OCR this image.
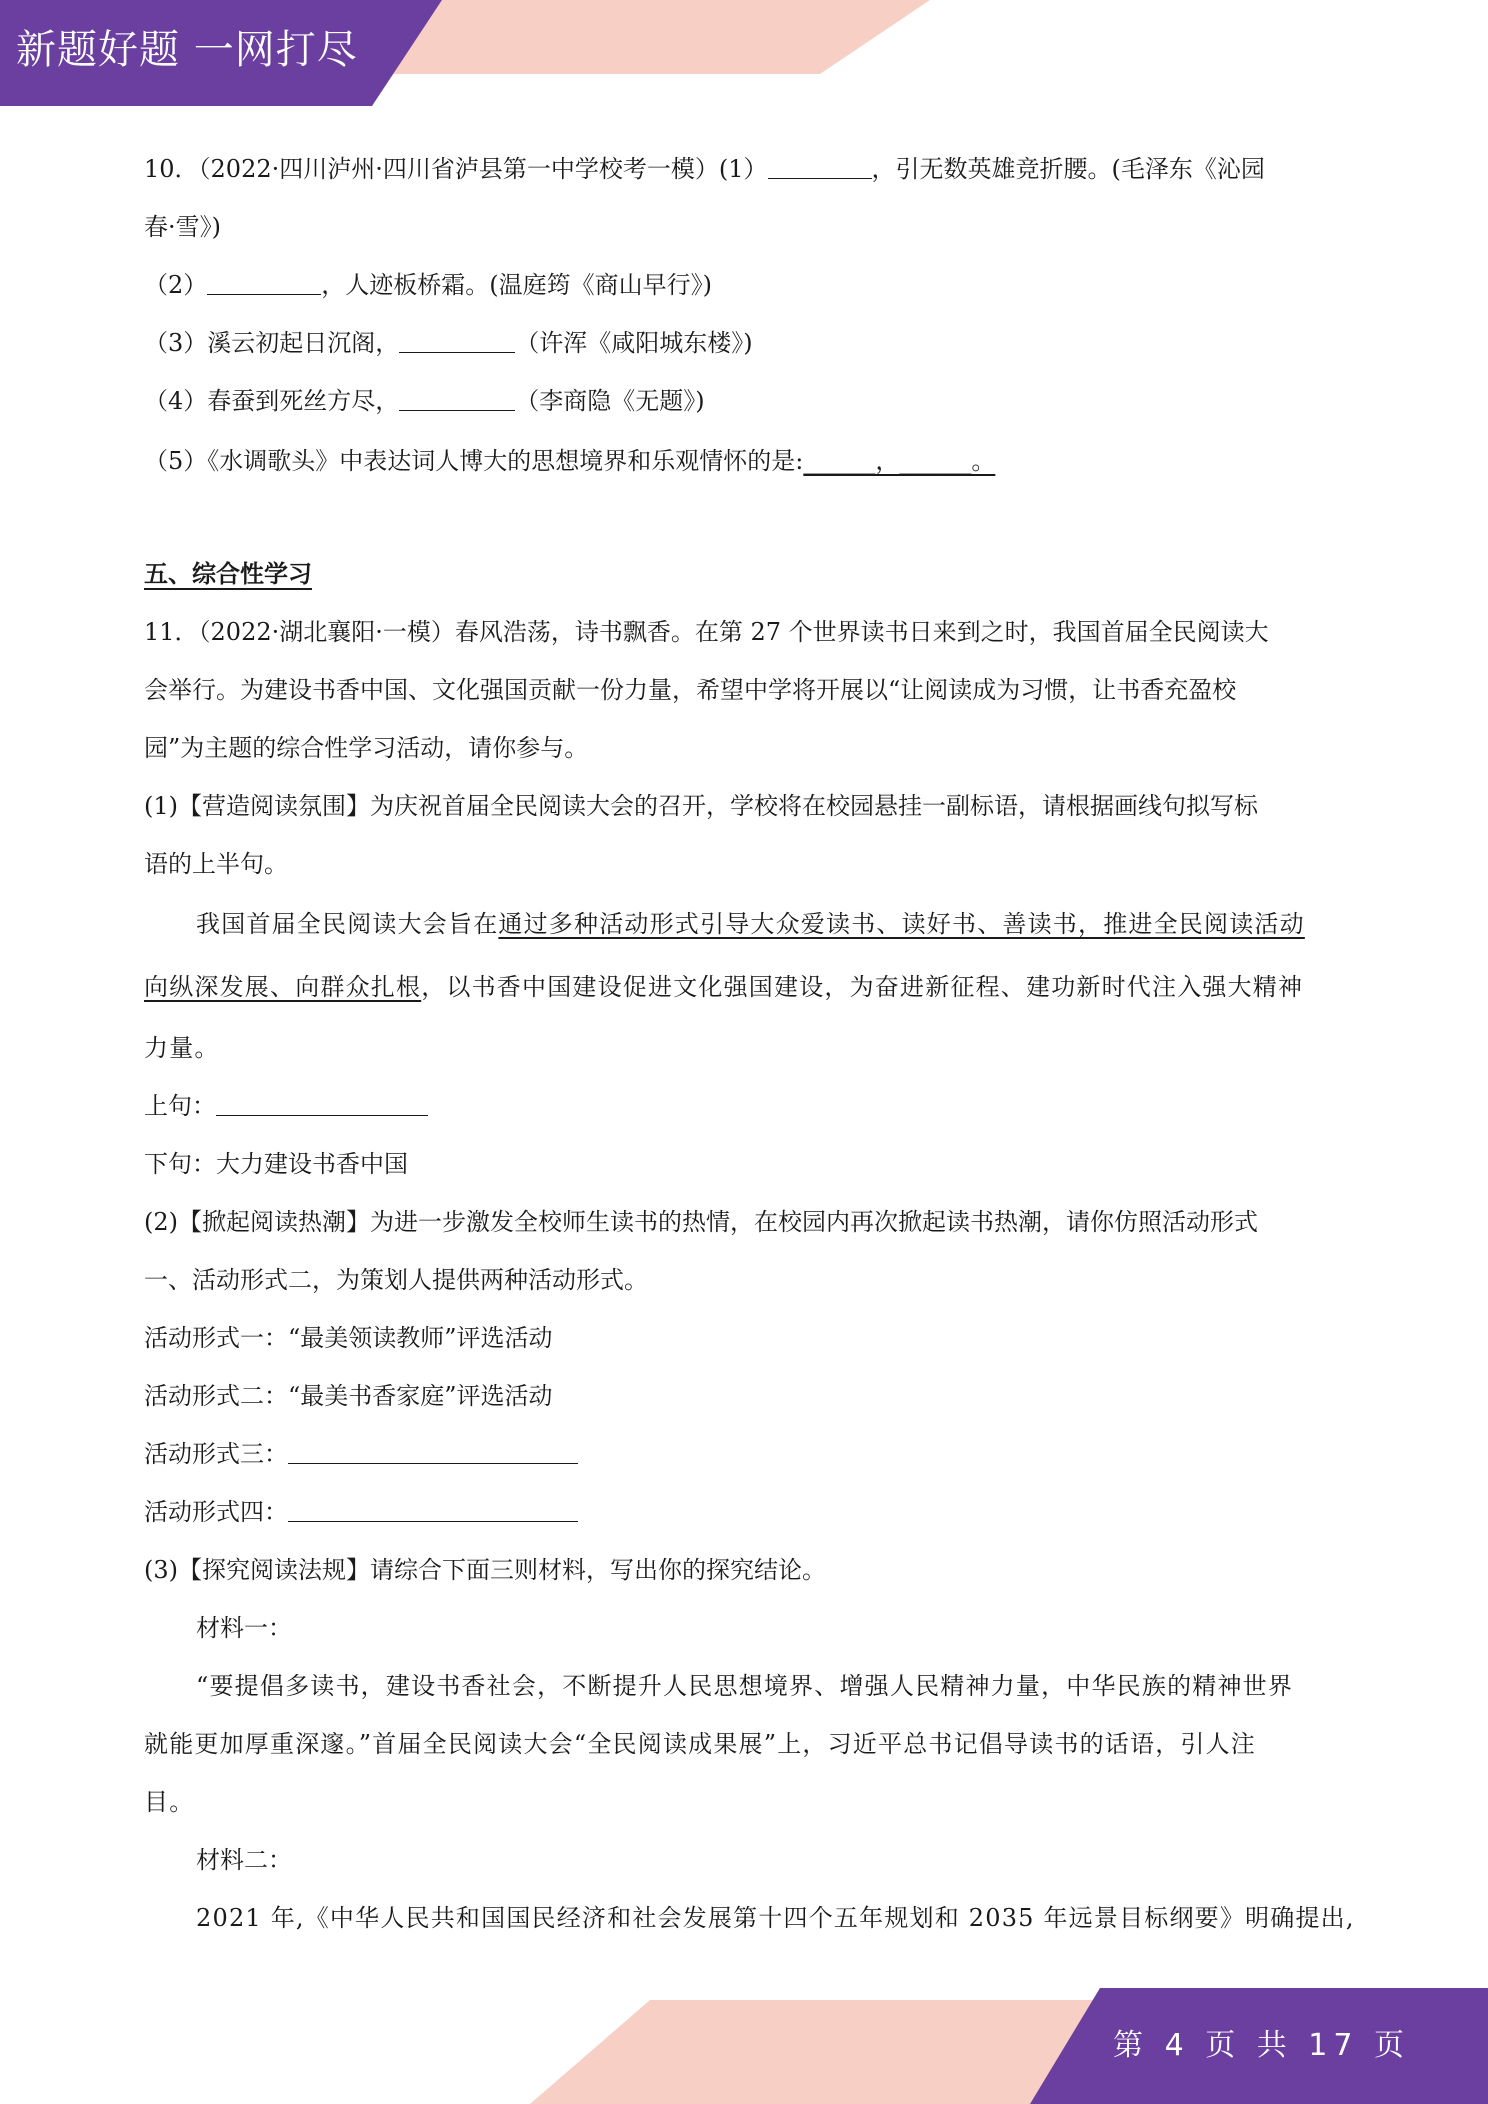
新题好题 一网打尽
10．（2022·四川泸州·四川省泸县第一中学校考一模）(1）	，引无数英雄竞折腰。(毛泽东《沁园
春·雪》)
（2）	，人迹板桥霜。(温庭筠《商山早行》)
（3）溪云初起日沉阁，	（许浑《咸阳城东楼》)
（4）春蚕到死丝方尽，	（李商隐《无题》)
（5）《水调歌头》中表达词人博大的思想境界和乐观情怀的是:______，______。
五、综合性学习
11．（2022·湖北襄阳·一模）春风浩荡，诗书飘香。在第 27 个世界读书日来到之时，我国首届全民阅读大
会举行。为建设书香中国、文化强国贡献一份力量，希望中学将开展以“让阅读成为习惯，让书香充盈校
园”为主题的综合性学习活动，请你参与。
(1)【营造阅读氛围】为庆祝首届全民阅读大会的召开，学校将在校园悬挂一副标语，请根据画线句拟写标
语的上半句。
我国首届全民阅读大会旨在通过多种活动形式引导大众爱读书、读好书、善读书，推进全民阅读活动
向纵深发展、向群众扎根，以书香中国建设促进文化强国建设，为奋进新征程、建功新时代注入强大精神
力量。
上句：
下句：大力建设书香中国
(2)【掀起阅读热潮】为进一步激发全校师生读书的热情，在校园内再次掀起读书热潮，请你仿照活动形式
一、活动形式二，为策划人提供两种活动形式。
活动形式一：“最美领读教师”评选活动
活动形式二：“最美书香家庭”评选活动
活动形式三：
活动形式四：
(3)【探究阅读法规】请综合下面三则材料，写出你的探究结论。
材料一：
“要提倡多读书，建设书香社会，不断提升人民思想境界、增强人民精神力量，中华民族的精神世界
就能更加厚重深邃。”首届全民阅读大会“全民阅读成果展”上，习近平总书记倡导读书的话语，引人注
目。
材料二：
2021 年,《中华人民共和国国民经济和社会发展第十四个五年规划和 2035 年远景目标纲要》明确提出,
第 4 页 共 17 页
